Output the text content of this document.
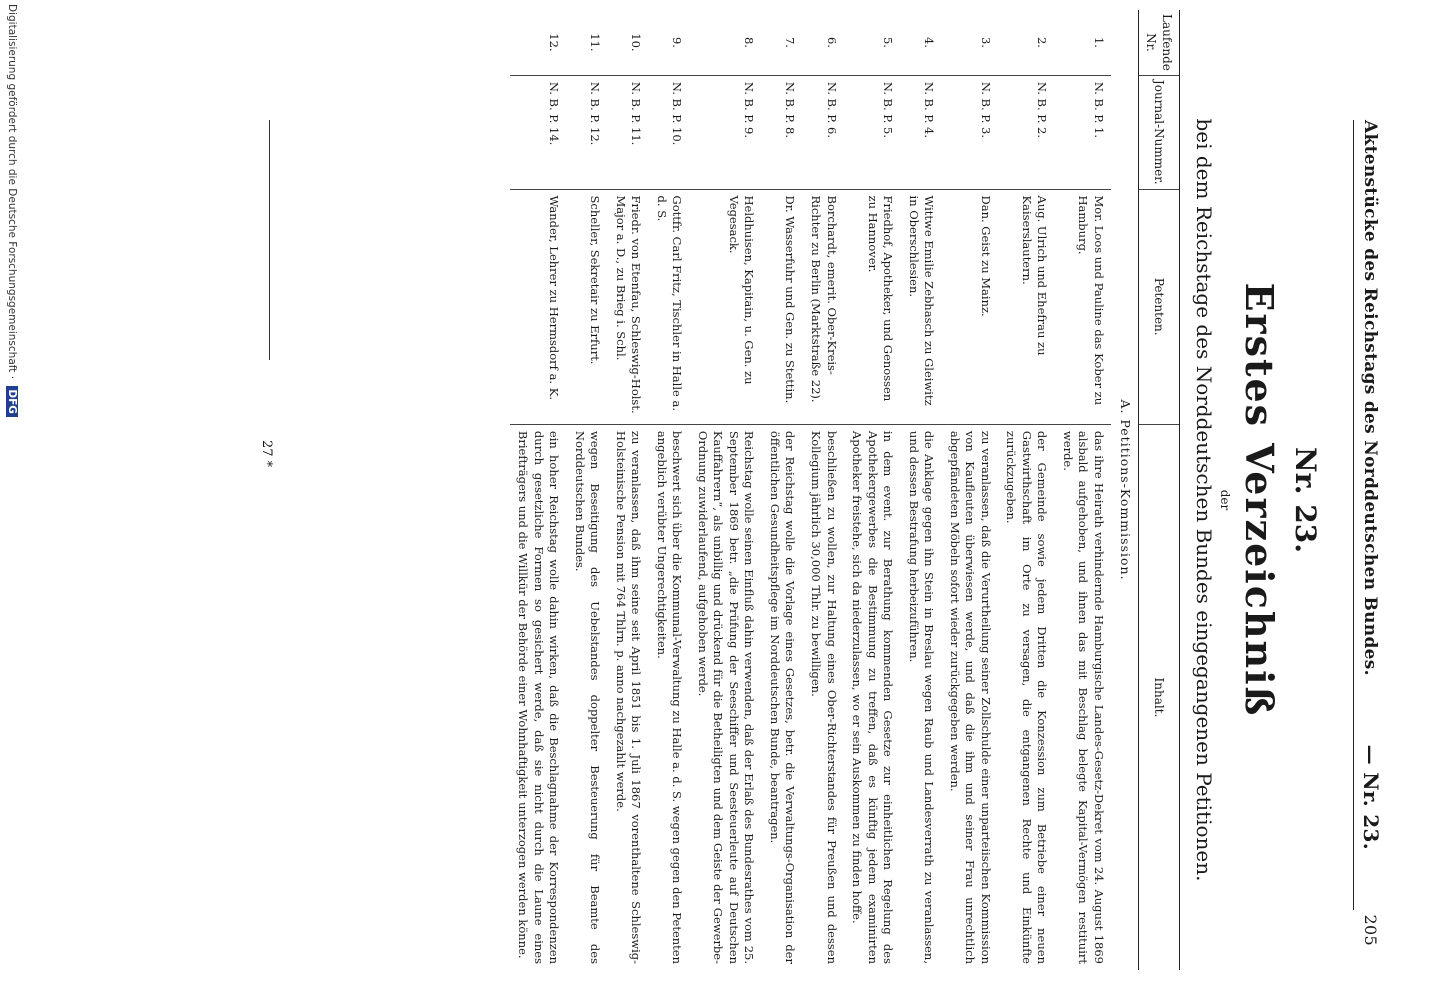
Aktenstücke des Reichstags des Norddeutschen Bundes.
— Nr. 23.
205
Nr. 23.
Erstes Verzeichniß
der
bei dem Reichstage des Norddeutschen Bundes eingegangenen Petitionen.
Laufende Nr.	Journal-Nummer.	Petenten.	Inhalt.
A. Petitions-Kommission.			
1.	N. B. P. 1.	Mor. Loos und Pauline das Kober zu Hamburg.	das ihre Heirath verhindernde Hamburgische Landes-Gesetz-Dekret vom 24. August 1869 alsbald aufgehoben, und ihnen das mit Beschlag belegte Kapital-Vermögen restituirt werde.
2.	N. B. P. 2.	Aug. Ulrich und Ehefrau zu Kaiserslautern.	der Gemeinde sowie jedem Dritten die Konzession zum Betriebe einer neuen Gastwirthschaft im Orte zu versagen, die entgangenen Rechte und Einkünfte zurückzugeben.
3.	N. B. P. 3.	Dan. Geist zu Mainz.	zu veranlassen, daß die Verurtheilung seiner Zollschulde einer unparteiischen Kommission von Kaufleuten überwiesen werde, und daß die ihm und seiner Frau unrechtlich abgepfändeten Möbeln sofort wieder zurückgegeben werden.
4.	N. B. P. 4.	Wittwe Emilie Zebhasch zu Gleiwitz in Oberschlesien.	die Anklage gegen ihn Stein in Breslau wegen Raub und Landesverrath zu veranlassen, und dessen Bestrafung herbeizuführen.
5.	N. B. P. 5.	Friedhof, Apotheker, und Genossen zu Hannover.	in dem event. zur Berathung kommenden Gesetze zur einheitlichen Regelung des Apothekergewerbes die Bestimmung zu treffen, daß es künftig jedem examinirten Apotheker freistehe, sich da niederzulassen, wo er sein Auskommen zu finden hoffe.
6.	N. B. P. 6.	Borchardt, emerit. Ober-Kreis-Richter zu Berlin (Marktstraße 22).	beschließen zu wollen, zur Haltung eines Ober-Richterstandes für Preußen und dessen Kollegium jährlich 30,000 Thlr. zu bewilligen.
7.	N. B. P. 8.	Dr. Wasserfuhr und Gen. zu Stettin.	der Reichstag wolle die Vorlage eines Gesetzes, betr. die Verwaltungs-Organisation der öffentlichen Gesundheitspflege im Norddeutschen Bunde, beantragen.
8.	N. B. P. 9.	Heldhuisen, Kapitain, u. Gen. zu Vegesack.	Reichstag wolle seinen Einfluß dahin verwenden, daß der Erlaß des Bundesrathes vom 25. September 1869 betr. „die Prüfung der Seeschiffer und Seesteuerleute auf Deutschen Kauffahrern“, als unbillig und drückend für die Betheiligten und dem Geiste der Gewerbe-Ordnung zuwiderlaufend, aufgehoben werde.
9.	N. B. P. 10.	Gottfr. Carl Fritz, Tischler in Halle a. d. S.	beschwert sich über die Kommunal-Verwaltung zu Halle a. d. S. wegen gegen den Petenten angeblich verübter Ungerechtigkeiten.
10.	N. B. P. 11.	Friedr. von Etenfau, Schleswig-Holst. Major a. D., zu Brieg i. Schl.	zu veranlassen, daß ihm seine seit April 1851 bis 1. Juli 1867 vorenthaltene Schleswig-Holsteinische Pension mit 764 Thlrn. p. anno nachgezahlt werde.
11.	N. B. P. 12.	Scheller, Sekretair zu Erfurt.	wegen Beseitigung des Uebelstandes doppelter Besteuerung für Beamte des Norddeutschen Bundes.
12.	N. B. P. 14.	Wander, Lehrer zu Hermsdorf a. K.	ein hoher Reichstag wolle dahin wirken, daß die Beschlagnahme der Korrespondenzen durch gesetzliche Formen so gesichert werde, daß sie nicht durch die Laune eines Briefträgers und die Willkür der Behörde einer Wohnhaftigkeit unterzogen werden könne.
27 *
Digitalisierung gefördert durch die Deutsche Forschungsgemeinschaft · DFG
